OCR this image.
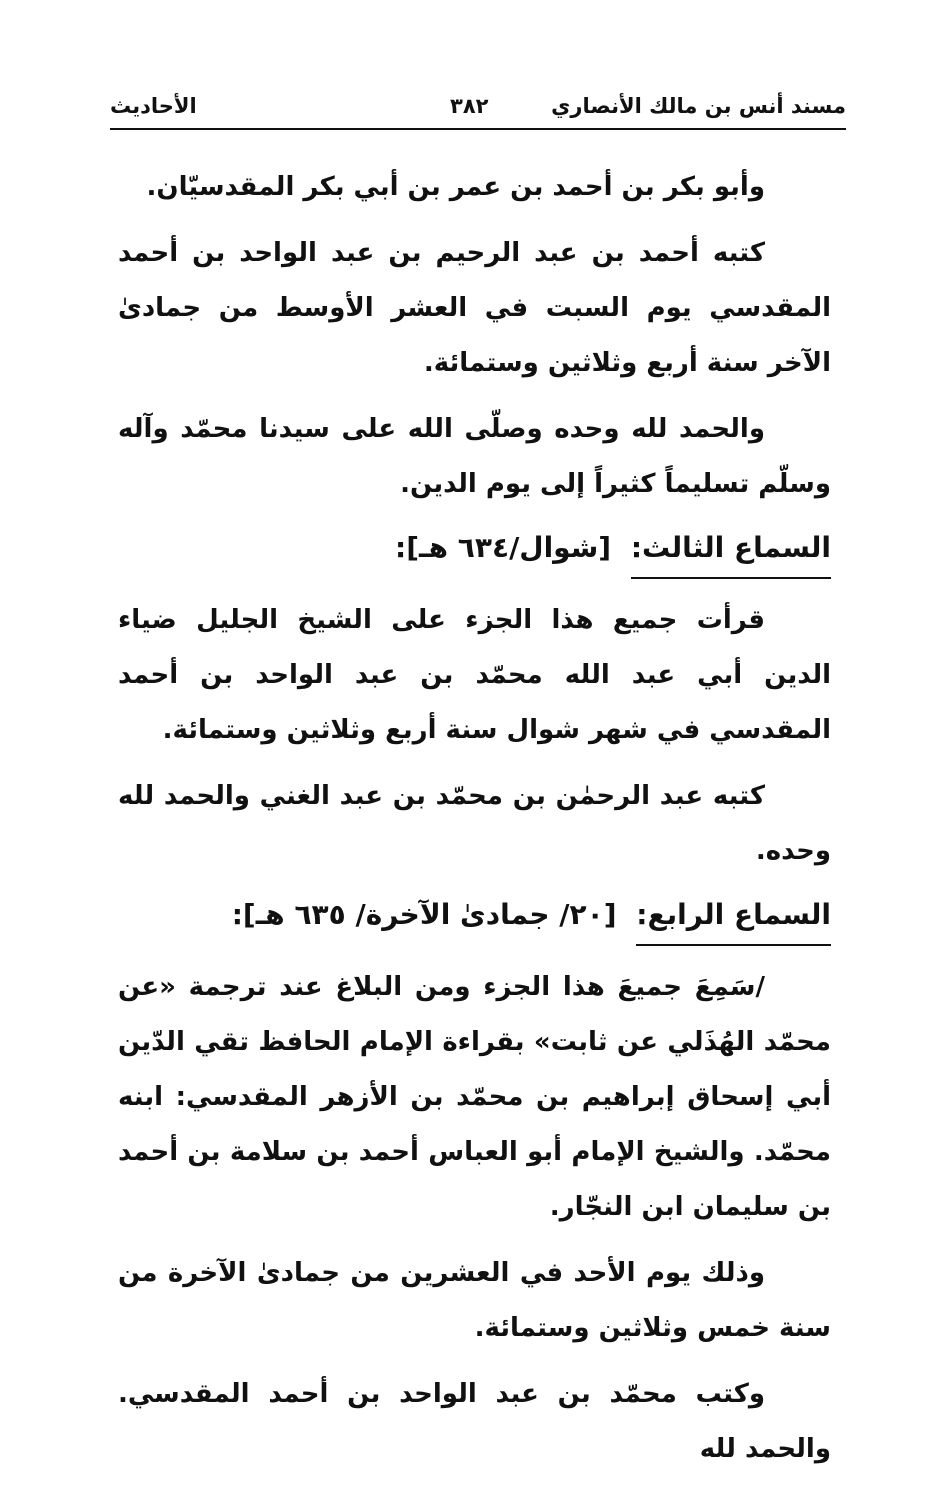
مسند أنس بن مالك الأنصاري
٣٨٢
الأحاديث

وأبو بكر بن أحمد بن عمر بن أبي بكر المقدسيّان.

كتبه أحمد بن عبد الرحيم بن عبد الواحد بن أحمد المقدسي يوم السبت في العشر الأوسط من جمادىٰ الآخر سنة أربع وثلاثين وستمائة.

والحمد لله وحده وصلّى الله على سيدنا محمّد وآله وسلّم تسليماً كثيراً إلى يوم الدين.

السماع الثالث: [شوال/٦٣٤ هـ]:

قرأت جميع هذا الجزء على الشيخ الجليل ضياء الدين أبي عبد الله محمّد بن عبد الواحد بن أحمد المقدسي في شهر شوال سنة أربع وثلاثين وستمائة.

كتبه عبد الرحمٰن بن محمّد بن عبد الغني والحمد لله وحده.

السماع الرابع: [٢٠/ جمادىٰ الآخرة/ ٦٣٥ هـ]:

/سَمِعَ جميعَ هذا الجزء ومن البلاغ عند ترجمة «عن محمّد الهُذَلي عن ثابت» بقراءة الإمام الحافظ تقي الدّين أبي إسحاق إبراهيم بن محمّد بن الأزهر المقدسي: ابنه محمّد. والشيخ الإمام أبو العباس أحمد بن سلامة بن أحمد بن سليمان ابن النجّار.

وذلك يوم الأحد في العشرين من جمادىٰ الآخرة من سنة خمس وثلاثين وستمائة.

وكتب محمّد بن عبد الواحد بن أحمد المقدسي. والحمد لله
